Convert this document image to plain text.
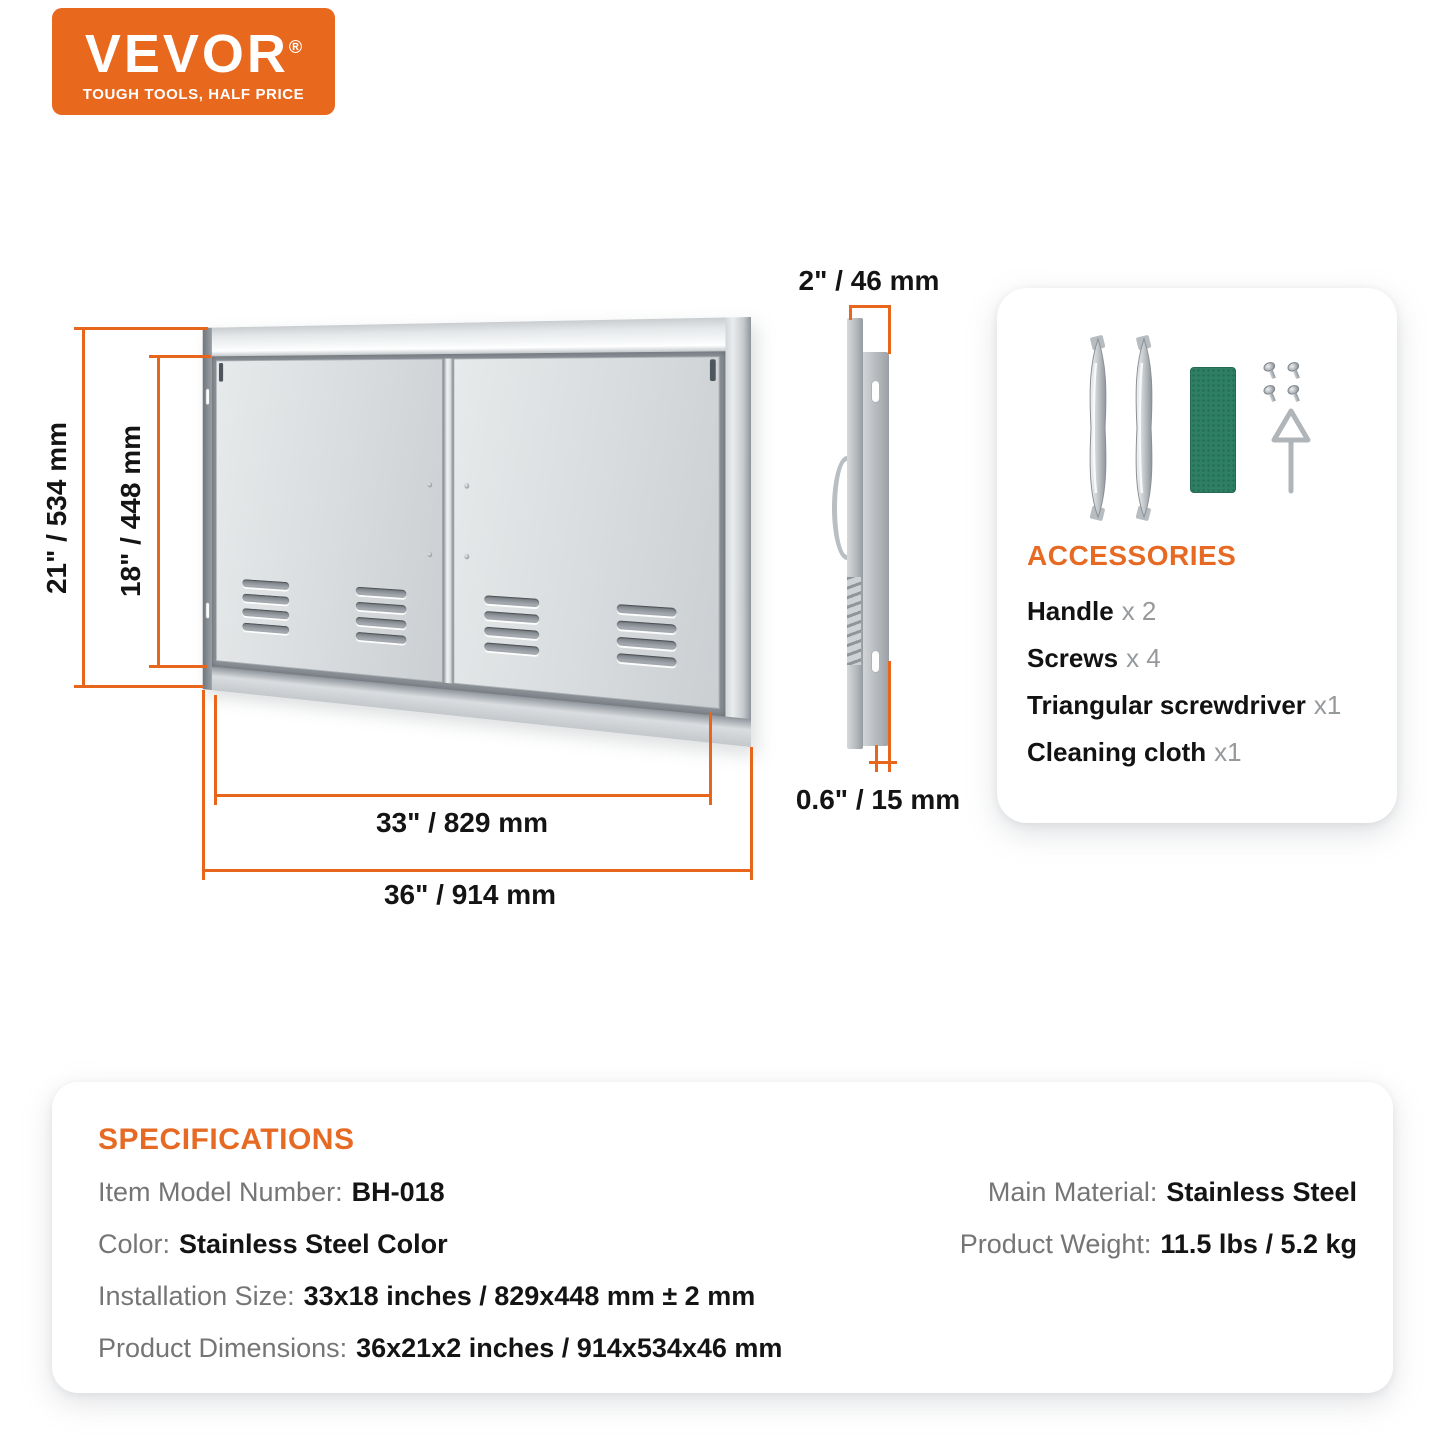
VEVOR®
TOUGH TOOLS, HALF PRICE
21" / 534 mm 18" / 448 mm
33" / 829 mm
36" / 914 mm
2" / 46 mm
0.6" / 15 mm
ACCESSORIES
Handle x 2
Screws x 4
Triangular screwdriver x1
Cleaning cloth x1
SPECIFICATIONS
Item Model Number: BH-018
Color: Stainless Steel Color
Installation Size: 33x18 inches / 829x448 mm ± 2 mm
Product Dimensions: 36x21x2 inches / 914x534x46 mm
Main Material: Stainless Steel
Product Weight: 11.5 lbs / 5.2 kg
